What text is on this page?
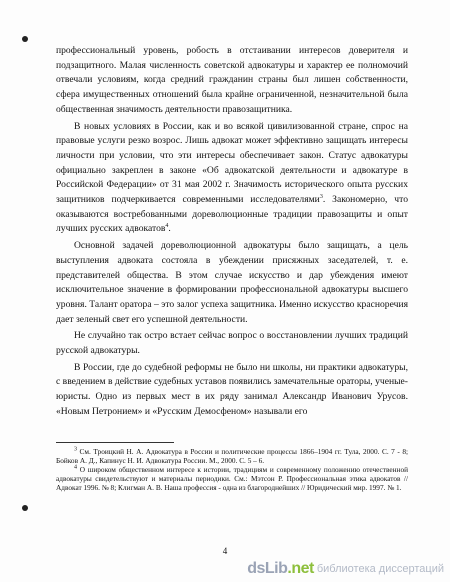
профессиональный уровень, робость в отстаивании интересов доверителя и подзащитного. Малая численность советской адвокатуры и характер ее полномочий отвечали условиям, когда средний гражданин страны был лишен собственности, сфера имущественных отношений была крайне ограниченной, незначительной была общественная значимость деятельности правозащитника.

В новых условиях в России, как и во всякой цивилизованной стране, спрос на правовые услуги резко возрос. Лишь адвокат может эффективно защищать интересы личности при условии, что эти интересы обеспечивает закон. Статус адвокатуры официально закреплен в законе «Об адвокатской деятельности и адвокатуре в Российской Федерации» от 31 мая 2002 г. Значимость исторического опыта русских защитников подчеркивается современными исследователями$^3$. Закономерно, что оказываются востребованными дореволюционные традиции правозащиты и опыт лучших русских адвокатов$^4$.

Основной задачей дореволюционной адвокатуры было защищать, а цель выступления адвоката состояла в убеждении присяжных заседателей, т. е. представителей общества. В этом случае искусство и дар убеждения имеют исключительное значение в формировании профессиональной адвокатуры высшего уровня. Талант оратора – это залог успеха защитника. Именно искусство красноречия дает зеленый свет его успешной деятельности.

Не случайно так остро встает сейчас вопрос о восстановлении лучших традиций русской адвокатуры.

В России, где до судебной реформы не было ни школы, ни практики адвокатуры, с введением в действие судебных уставов появились замечательные ораторы, ученые-юристы. Одно из первых мест в их ряду занимал Александр Иванович Урусов. «Новым Петронием» и «Русским Демосфеном» называли его

$^3$ См. Троицкий Н. А. Адвокатура в России и политические процессы 1866–1904 гг. Тула, 2000. С. 7 - 8; Бойков А. Д., Капинус Н. И. Адвокатура России. М., 2000. С. 5 – 6.

$^4$ О широком общественном интересе к истории, традициям и современному положению отечественной адвокатуры свидетельствуют и материалы периодики. См.: Мэтсон Р. Профессиональная этика адвокатов // Адвокат 1996. № 8; Клигман А. В. Наша профессия - одна из благороднейших // Юридический мир. 1997. № 1.

4
dsLib.net библиотека диссертаций
